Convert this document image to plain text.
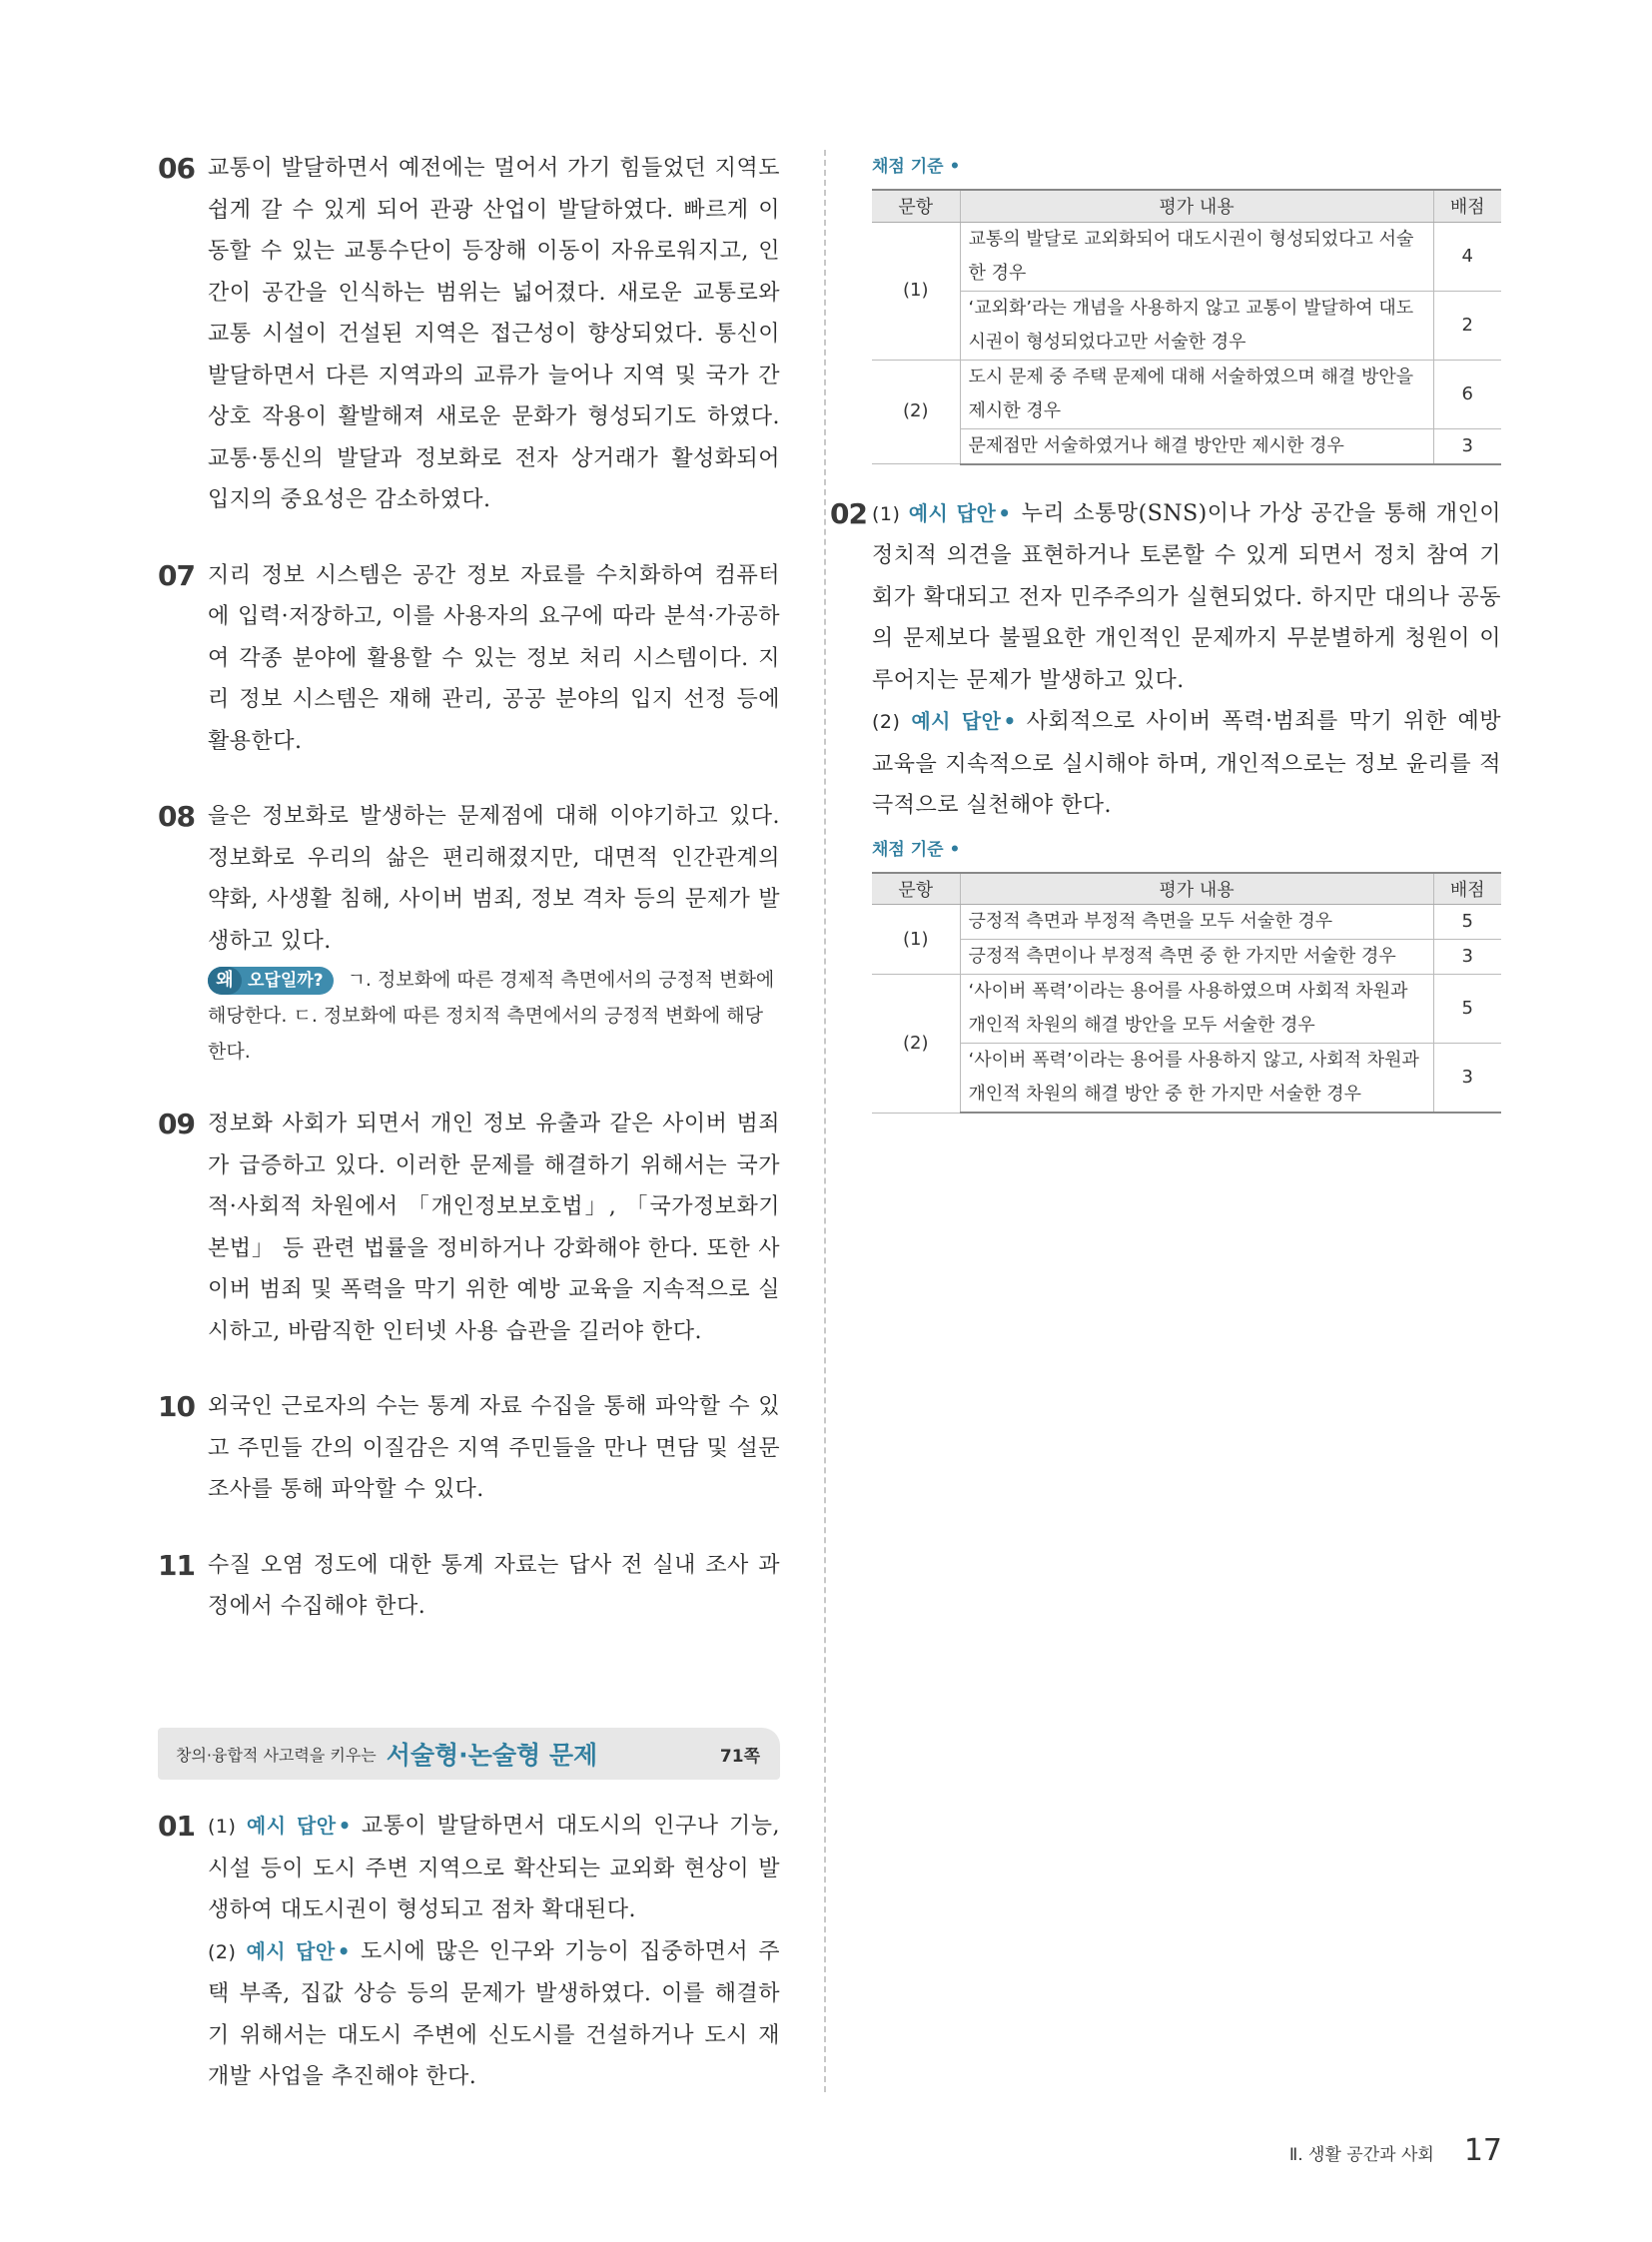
06 교통이 발달하면서 예전에는 멀어서 가기 힘들었던 지역도 쉽게 갈 수 있게 되어 관광 산업이 발달하였다. 빠르게 이동할 수 있는 교통수단이 등장해 이동이 자유로워지고, 인간이 공간을 인식하는 범위는 넓어졌다. 새로운 교통로와 교통 시설이 건설된 지역은 접근성이 향상되었다. 통신이 발달하면서 다른 지역과의 교류가 늘어나 지역 및 국가 간 상호 작용이 활발해져 새로운 문화가 형성되기도 하였다. 교통·통신의 발달과 정보화로 전자 상거래가 활성화되어 입지의 중요성은 감소하였다.

07 지리 정보 시스템은 공간 정보 자료를 수치화하여 컴퓨터에 입력·저장하고, 이를 사용자의 요구에 따라 분석·가공하여 각종 분야에 활용할 수 있는 정보 처리 시스템이다. 지리 정보 시스템은 재해 관리, 공공 분야의 입지 선정 등에 활용한다.

08 을은 정보화로 발생하는 문제점에 대해 이야기하고 있다. 정보화로 우리의 삶은 편리해졌지만, 대면적 인간관계의 약화, 사생활 침해, 사이버 범죄, 정보 격차 등의 문제가 발생하고 있다.

왜 오답일까? ㄱ. 정보화에 따른 경제적 측면에서의 긍정적 변화에 해당한다. ㄷ. 정보화에 따른 정치적 측면에서의 긍정적 변화에 해당한다.
09 정보화 사회가 되면서 개인 정보 유출과 같은 사이버 범죄가 급증하고 있다. 이러한 문제를 해결하기 위해서는 국가적·사회적 차원에서 「개인정보보호법」, 「국가정보화기본법」 등 관련 법률을 정비하거나 강화해야 한다. 또한 사이버 범죄 및 폭력을 막기 위한 예방 교육을 지속적으로 실시하고, 바람직한 인터넷 사용 습관을 길러야 한다.

10 외국인 근로자의 수는 통계 자료 수집을 통해 파악할 수 있고 주민들 간의 이질감은 지역 주민들을 만나 면담 및 설문 조사를 통해 파악할 수 있다.

11 수질 오염 정도에 대한 통계 자료는 답사 전 실내 조사 과정에서 수집해야 한다.

창의·융합적 사고력을 키우는 서술형·논술형 문제	71쪽
01 (1) 예시 답안 • 교통이 발달하면서 대도시의 인구나 기능, 시설 등이 도시 주변 지역으로 확산되는 교외화 현상이 발생하여 대도시권이 형성되고 점차 확대된다.

(2) 예시 답안 • 도시에 많은 인구와 기능이 집중하면서 주택 부족, 집값 상승 등의 문제가 발생하였다. 이를 해결하기 위해서는 대도시 주변에 신도시를 건설하거나 도시 재개발 사업을 추진해야 한다.

채점 기준 •
문항	평가 내용	배점
(1)	교통의 발달로 교외화되어 대도시권이 형성되었다고 서술한 경우	4
	‘교외화’라는 개념을 사용하지 않고 교통이 발달하여 대도시권이 형성되었다고만 서술한 경우	2
(2)	도시 문제 중 주택 문제에 대해 서술하였으며 해결 방안을 제시한 경우	6
	문제점만 서술하였거나 해결 방안만 제시한 경우	3
02 (1) 예시 답안 • 누리 소통망(SNS)이나 가상 공간을 통해 개인이 정치적 의견을 표현하거나 토론할 수 있게 되면서 정치 참여 기회가 확대되고 전자 민주주의가 실현되었다. 하지만 대의나 공동의 문제보다 불필요한 개인적인 문제까지 무분별하게 청원이 이루어지는 문제가 발생하고 있다.

(2) 예시 답안 • 사회적으로 사이버 폭력·범죄를 막기 위한 예방 교육을 지속적으로 실시해야 하며, 개인적으로는 정보 윤리를 적극적으로 실천해야 한다.

채점 기준 •
문항	평가 내용	배점
(1)	긍정적 측면과 부정적 측면을 모두 서술한 경우	5
	긍정적 측면이나 부정적 측면 중 한 가지만 서술한 경우	3
(2)	‘사이버 폭력’이라는 용어를 사용하였으며 사회적 차원과 개인적 차원의 해결 방안을 모두 서술한 경우	5
	‘사이버 폭력’이라는 용어를 사용하지 않고, 사회적 차원과 개인적 차원의 해결 방안 중 한 가지만 서술한 경우	3
Ⅱ. 생활 공간과 사회 17
